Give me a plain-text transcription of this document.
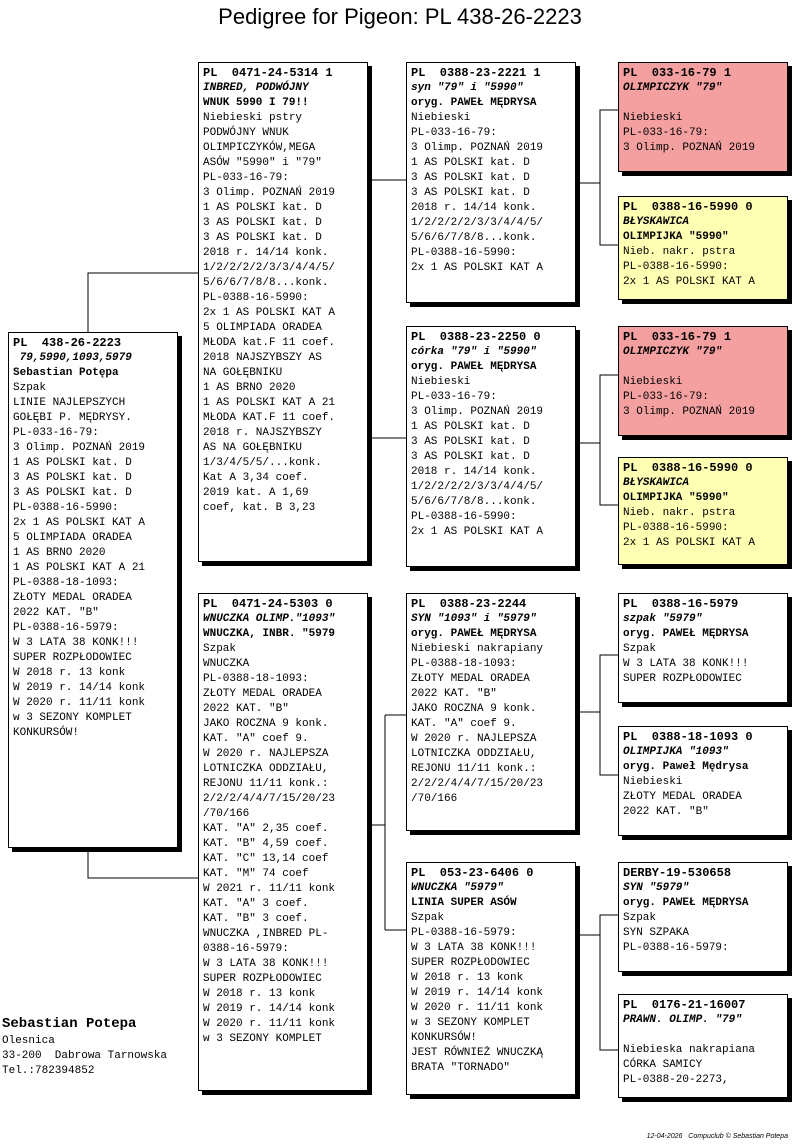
Pedigree for Pigeon: PL 438-26-2223
PL  438-26-2223
79,5990,1093,5979
Sebastian Potępa
Szpak
LINIE NAJLEPSZYCH
GOŁĘBI P. MĘDRYSY.
PL-033-16-79:
3 Olimp. POZNAŃ 2019
1 AS POLSKI kat. D
3 AS POLSKI kat. D
3 AS POLSKI kat. D
PL-0388-16-5990:
2x 1 AS POLSKI KAT A
5 OLIMPIADA ORADEA
1 AS BRNO 2020
1 AS POLSKI KAT A 21
PL-0388-18-1093:
ZŁOTY MEDAL ORADEA
2022 KAT. "B"
PL-0388-16-5979:
W 3 LATA 38 KONK!!!
SUPER ROZPŁODOWIEC
W 2018 r. 13 konk
W 2019 r. 14/14 konk
W 2020 r. 11/11 konk
w 3 SEZONY KOMPLET
KONKURSÓW!
PL  0471-24-5314 1
INBRED, PODWÓJNY
WNUK 5990 I 79!!
Niebieski pstry
PODWÓJNY WNUK
OLIMPICZYKÓW,MEGA
ASÓW "5990" i "79"
PL-033-16-79:
3 Olimp. POZNAŃ 2019
1 AS POLSKI kat. D
3 AS POLSKI kat. D
3 AS POLSKI kat. D
2018 r. 14/14 konk.
1/2/2/2/2/3/3/4/4/5/
5/6/6/7/8/8...konk.
PL-0388-16-5990:
2x 1 AS POLSKI KAT A
5 OLIMPIADA ORADEA
MŁODA kat.F 11 coef.
2018 NAJSZYBSZY AS
NA GOŁĘBNIKU
1 AS BRNO 2020
1 AS POLSKI KAT A 21
MŁODA KAT.F 11 coef.
2018 r. NAJSZYBSZY
AS NA GOŁĘBNIKU
1/3/4/5/5/...konk.
Kat A 3,34 coef.
2019 kat. A 1,69
coef, kat. B 3,23
PL  0471-24-5303 0
WNUCZKA OLIMP."1093"
WNUCZKA, INBR. "5979
Szpak
WNUCZKA
PL-0388-18-1093:
ZŁOTY MEDAL ORADEA
2022 KAT. "B"
JAKO ROCZNA 9 konk.
KAT. "A" coef 9.
W 2020 r. NAJLEPSZA
LOTNICZKA ODDZIAŁU,
REJONU 11/11 konk.:
2/2/2/4/4/7/15/20/23
/70/166
KAT. "A" 2,35 coef.
KAT. "B" 4,59 coef.
KAT. "C" 13,14 coef
KAT. "M" 74 coef
W 2021 r. 11/11 konk
KAT. "A" 3 coef.
KAT. "B" 3 coef.
WNUCZKA ,INBRED PL-
0388-16-5979:
W 3 LATA 38 KONK!!!
SUPER ROZPŁODOWIEC
W 2018 r. 13 konk
W 2019 r. 14/14 konk
W 2020 r. 11/11 konk
w 3 SEZONY KOMPLET
PL  0388-23-2221 1
syn "79" i "5990"
oryg. PAWEŁ MĘDRYSA
Niebieski
PL-033-16-79:
3 Olimp. POZNAŃ 2019
1 AS POLSKI kat. D
3 AS POLSKI kat. D
3 AS POLSKI kat. D
2018 r. 14/14 konk.
1/2/2/2/2/3/3/4/4/5/
5/6/6/7/8/8...konk.
PL-0388-16-5990:
2x 1 AS POLSKI KAT A
PL  0388-23-2250 0
córka "79" i "5990"
oryg. PAWEŁ MĘDRYSA
Niebieski
PL-033-16-79:
3 Olimp. POZNAŃ 2019
1 AS POLSKI kat. D
3 AS POLSKI kat. D
3 AS POLSKI kat. D
2018 r. 14/14 konk.
1/2/2/2/2/3/3/4/4/5/
5/6/6/7/8/8...konk.
PL-0388-16-5990:
2x 1 AS POLSKI KAT A
PL  0388-23-2244
SYN "1093" i "5979"
oryg. PAWEŁ MĘDRYSA
Niebieski nakrapiany
PL-0388-18-1093:
ZŁOTY MEDAL ORADEA
2022 KAT. "B"
JAKO ROCZNA 9 konk.
KAT. "A" coef 9.
W 2020 r. NAJLEPSZA
LOTNICZKA ODDZIAŁU,
REJONU 11/11 konk.:
2/2/2/4/4/7/15/20/23
/70/166
PL  053-23-6406 0
WNUCZKA "5979"
LINIA SUPER ASÓW
Szpak
PL-0388-16-5979:
W 3 LATA 38 KONK!!!
SUPER ROZPŁODOWIEC
W 2018 r. 13 konk
W 2019 r. 14/14 konk
W 2020 r. 11/11 konk
w 3 SEZONY KOMPLET
KONKURSÓW!
JEST RÓWNIEŻ WNUCZKĄ
BRATA "TORNADO"
PL  033-16-79 1
OLIMPICZYK "79"
Niebieski
PL-033-16-79:
3 Olimp. POZNAŃ 2019
PL  0388-16-5990 0
BŁYSKAWICA
OLIMPIJKA "5990"
Nieb. nakr. pstra
PL-0388-16-5990:
2x 1 AS POLSKI KAT A
PL  033-16-79 1
OLIMPICZYK "79"
Niebieski
PL-033-16-79:
3 Olimp. POZNAŃ 2019
PL  0388-16-5990 0
BŁYSKAWICA
OLIMPIJKA "5990"
Nieb. nakr. pstra
PL-0388-16-5990:
2x 1 AS POLSKI KAT A
PL  0388-16-5979
szpak "5979"
oryg. PAWEŁ MĘDRYSA
Szpak
W 3 LATA 38 KONK!!!
SUPER ROZPŁODOWIEC
PL  0388-18-1093 0
OLIMPIJKA "1093"
oryg. Paweł Mędrysa
Niebieski
ZŁOTY MEDAL ORADEA
2022 KAT. "B"
DERBY-19-530658
SYN "5979"
oryg. PAWEŁ MĘDRYSA
Szpak
SYN SZPAKA
PL-0388-16-5979:
PL  0176-21-16007
PRAWN. OLIMP. "79"
Niebieska nakrapiana
CÓRKA SAMICY
PL-0388-20-2273,
Sebastian Potepa
Olesnica
33-200  Dabrowa Tarnowska
Tel.:782394852
12-04-2026   Compuclub © Sebastian Potepa
